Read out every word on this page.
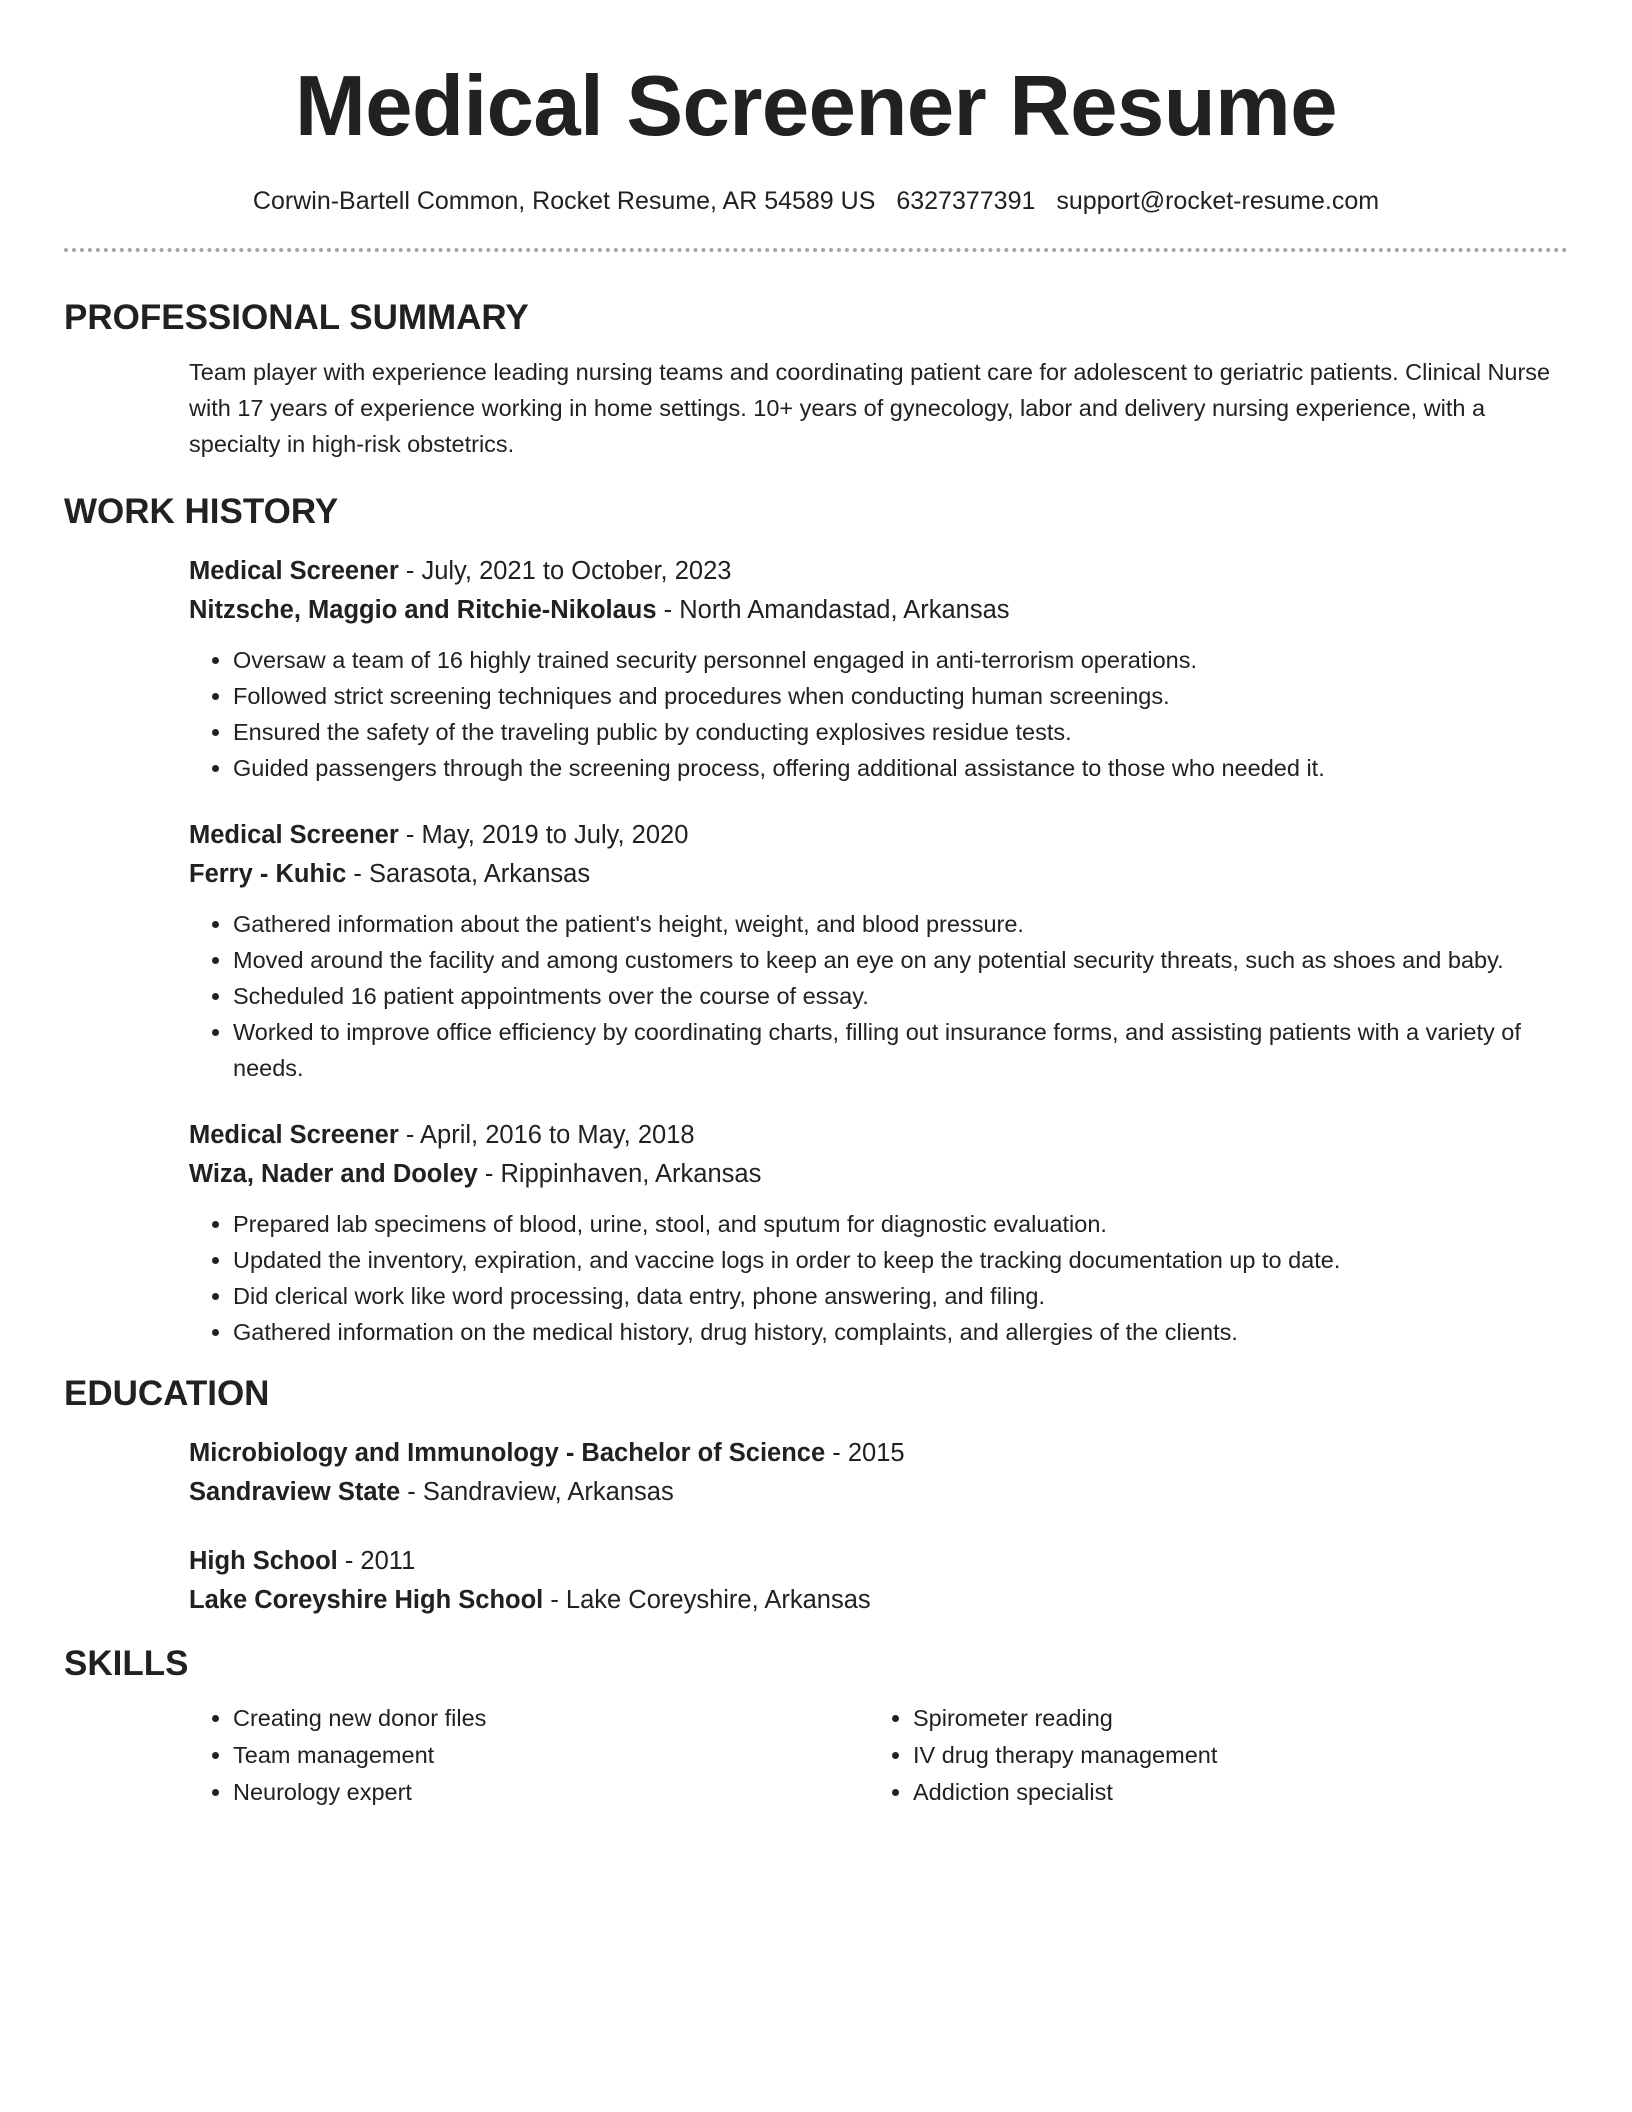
Medical Screener Resume
Corwin-Bartell Common, Rocket Resume, AR 54589 US 6327377391 support@rocket-resume.com
PROFESSIONAL SUMMARY

Team player with experience leading nursing teams and coordinating patient care for adolescent to geriatric patients. Clinical Nurse with 17 years of experience working in home settings. 10+ years of gynecology, labor and delivery nursing experience, with a specialty in high-risk obstetrics.

WORK HISTORY
Medical Screener - July, 2021 to October, 2023
Nitzsche, Maggio and Ritchie-Nikolaus - North Amandastad, Arkansas
• Oversaw a team of 16 highly trained security personnel engaged in anti-terrorism operations.
• Followed strict screening techniques and procedures when conducting human screenings.
• Ensured the safety of the traveling public by conducting explosives residue tests.
• Guided passengers through the screening process, offering additional assistance to those who needed it.
Medical Screener - May, 2019 to July, 2020
Ferry - Kuhic - Sarasota, Arkansas
• Gathered information about the patient's height, weight, and blood pressure.
• Moved around the facility and among customers to keep an eye on any potential security threats, such as shoes and baby.
• Scheduled 16 patient appointments over the course of essay.
• Worked to improve office efficiency by coordinating charts, filling out insurance forms, and assisting patients with a variety of needs.
Medical Screener - April, 2016 to May, 2018
Wiza, Nader and Dooley - Rippinhaven, Arkansas
• Prepared lab specimens of blood, urine, stool, and sputum for diagnostic evaluation.
• Updated the inventory, expiration, and vaccine logs in order to keep the tracking documentation up to date.
• Did clerical work like word processing, data entry, phone answering, and filing.
• Gathered information on the medical history, drug history, complaints, and allergies of the clients.
EDUCATION
Microbiology and Immunology - Bachelor of Science - 2015
Sandraview State - Sandraview, Arkansas
High School - 2011
Lake Coreyshire High School - Lake Coreyshire, Arkansas
SKILLS
• Creating new donor files
• Team management
• Neurology expert
• Spirometer reading
• IV drug therapy management
• Addiction specialist
